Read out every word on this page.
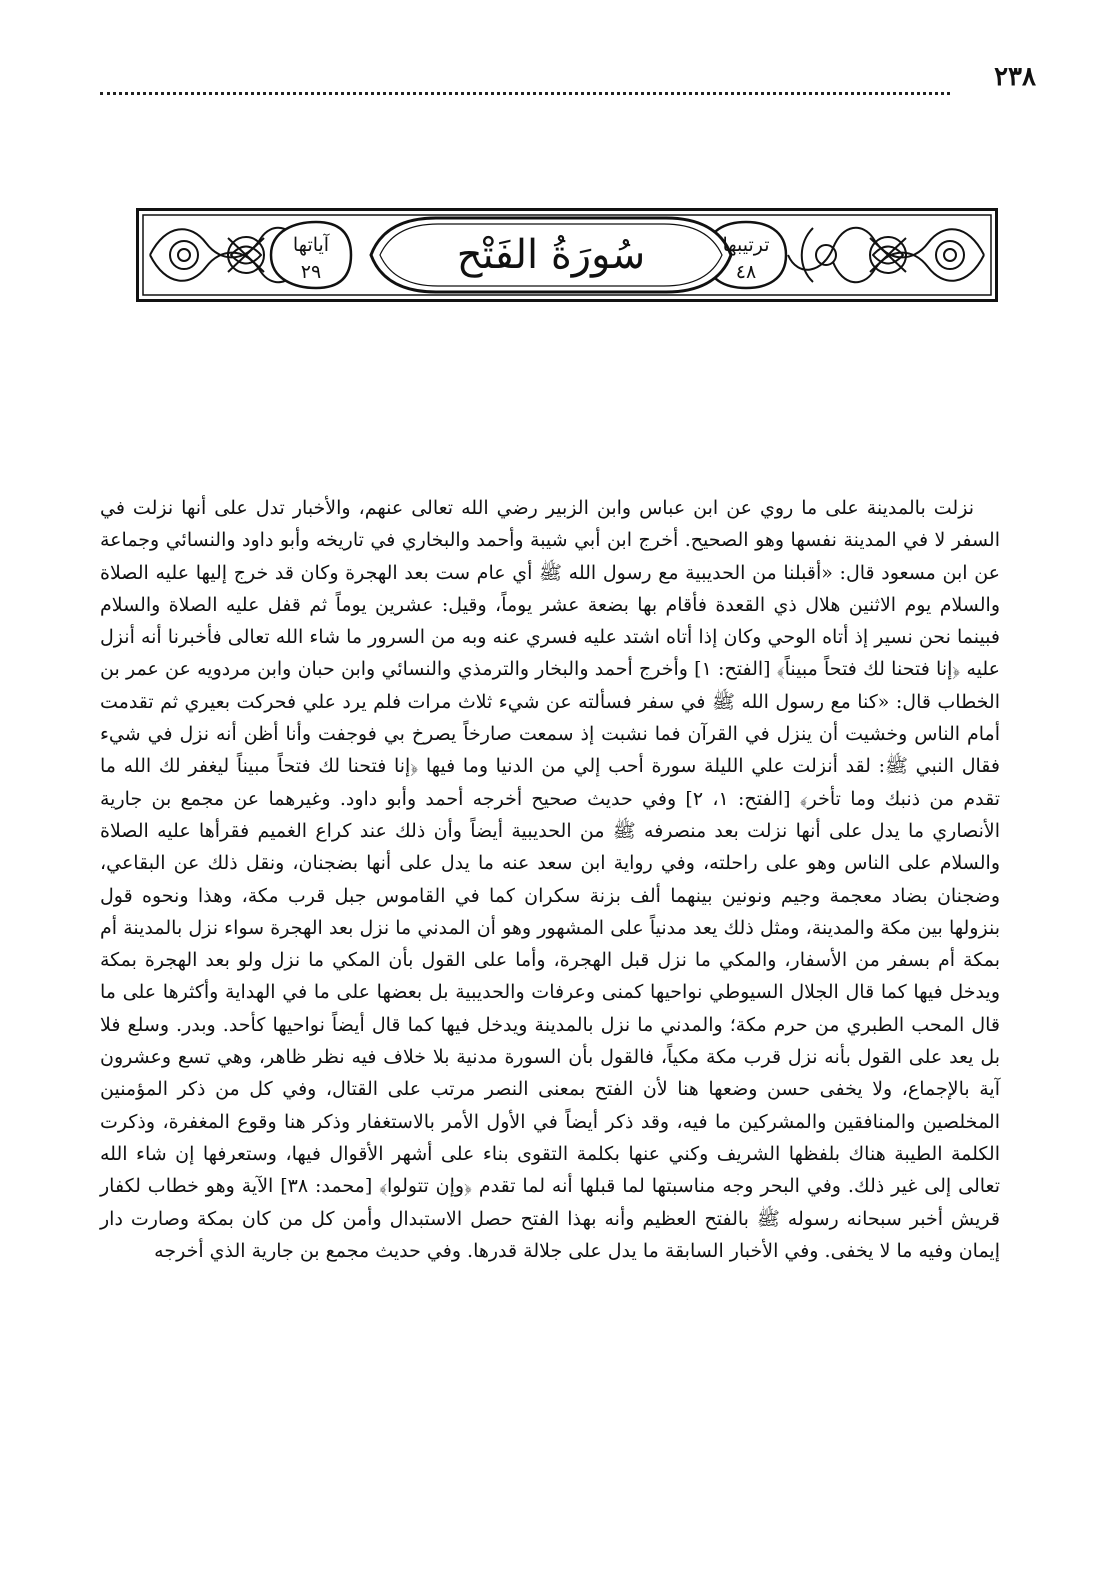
٢٣٨
آياتها
٢٩	سُورَةُ الفَتْح	ترتيبها
٤٨

نزلت بالمدينة على ما روي عن ابن عباس وابن الزبير رضي الله تعالى عنهم، والأخبار تدل على أنها نزلت في السفر لا في المدينة نفسها وهو الصحيح. أخرج ابن أبي شيبة وأحمد والبخاري في تاريخه وأبو داود والنسائي وجماعة عن ابن مسعود قال: «أقبلنا من الحديبية مع رسول الله ﷺ أي عام ست بعد الهجرة وكان قد خرج إليها عليه الصلاة والسلام يوم الاثنين هلال ذي القعدة فأقام بها بضعة عشر يوماً، وقيل: عشرين يوماً ثم قفل عليه الصلاة والسلام فبينما نحن نسير إذ أتاه الوحي وكان إذا أتاه اشتد عليه فسري عنه وبه من السرور ما شاء الله تعالى فأخبرنا أنه أنزل عليه ﴿إنا فتحنا لك فتحاً مبيناً﴾ [الفتح: ١] وأخرج أحمد والبخار والترمذي والنسائي وابن حبان وابن مردويه عن عمر بن الخطاب قال: «كنا مع رسول الله ﷺ في سفر فسألته عن شيء ثلاث مرات فلم يرد علي فحركت بعيري ثم تقدمت أمام الناس وخشيت أن ينزل في القرآن فما نشبت إذ سمعت صارخاً يصرخ بي فوجفت وأنا أظن أنه نزل في شيء فقال النبي ﷺ: لقد أنزلت علي الليلة سورة أحب إلي من الدنيا وما فيها ﴿إنا فتحنا لك فتحاً مبيناً ليغفر لك الله ما تقدم من ذنبك وما تأخر﴾ [الفتح: ١، ٢] وفي حديث صحيح أخرجه أحمد وأبو داود. وغيرهما عن مجمع بن جارية الأنصاري ما يدل على أنها نزلت بعد منصرفه ﷺ من الحديبية أيضاً وأن ذلك عند كراع الغميم فقرأها عليه الصلاة والسلام على الناس وهو على راحلته، وفي رواية ابن سعد عنه ما يدل على أنها بضجنان، ونقل ذلك عن البقاعي، وضجنان بضاد معجمة وجيم ونونين بينهما ألف بزنة سكران كما في القاموس جبل قرب مكة، وهذا ونحوه قول بنزولها بين مكة والمدينة، ومثل ذلك يعد مدنياً على المشهور وهو أن المدني ما نزل بعد الهجرة سواء نزل بالمدينة أم بمكة أم بسفر من الأسفار، والمكي ما نزل قبل الهجرة، وأما على القول بأن المكي ما نزل ولو بعد الهجرة بمكة ويدخل فيها كما قال الجلال السيوطي نواحيها كمنى وعرفات والحديبية بل بعضها على ما في الهداية وأكثرها على ما قال المحب الطبري من حرم مكة؛ والمدني ما نزل بالمدينة ويدخل فيها كما قال أيضاً نواحيها كأحد. وبدر. وسلع فلا بل يعد على القول بأنه نزل قرب مكة مكياً، فالقول بأن السورة مدنية بلا خلاف فيه نظر ظاهر، وهي تسع وعشرون آية بالإجماع، ولا يخفى حسن وضعها هنا لأن الفتح بمعنى النصر مرتب على القتال، وفي كل من ذكر المؤمنين المخلصين والمنافقين والمشركين ما فيه، وقد ذكر أيضاً في الأول الأمر بالاستغفار وذكر هنا وقوع المغفرة، وذكرت الكلمة الطيبة هناك بلفظها الشريف وكني عنها بكلمة التقوى بناء على أشهر الأقوال فيها، وستعرفها إن شاء الله تعالى إلى غير ذلك. وفي البحر وجه مناسبتها لما قبلها أنه لما تقدم ﴿وإن تتولوا﴾ [محمد: ٣٨] الآية وهو خطاب لكفار قريش أخبر سبحانه رسوله ﷺ بالفتح العظيم وأنه بهذا الفتح حصل الاستبدال وأمن كل من كان بمكة وصارت دار إيمان وفيه ما لا يخفى. وفي الأخبار السابقة ما يدل على جلالة قدرها. وفي حديث مجمع بن جارية الذي أخرجه
